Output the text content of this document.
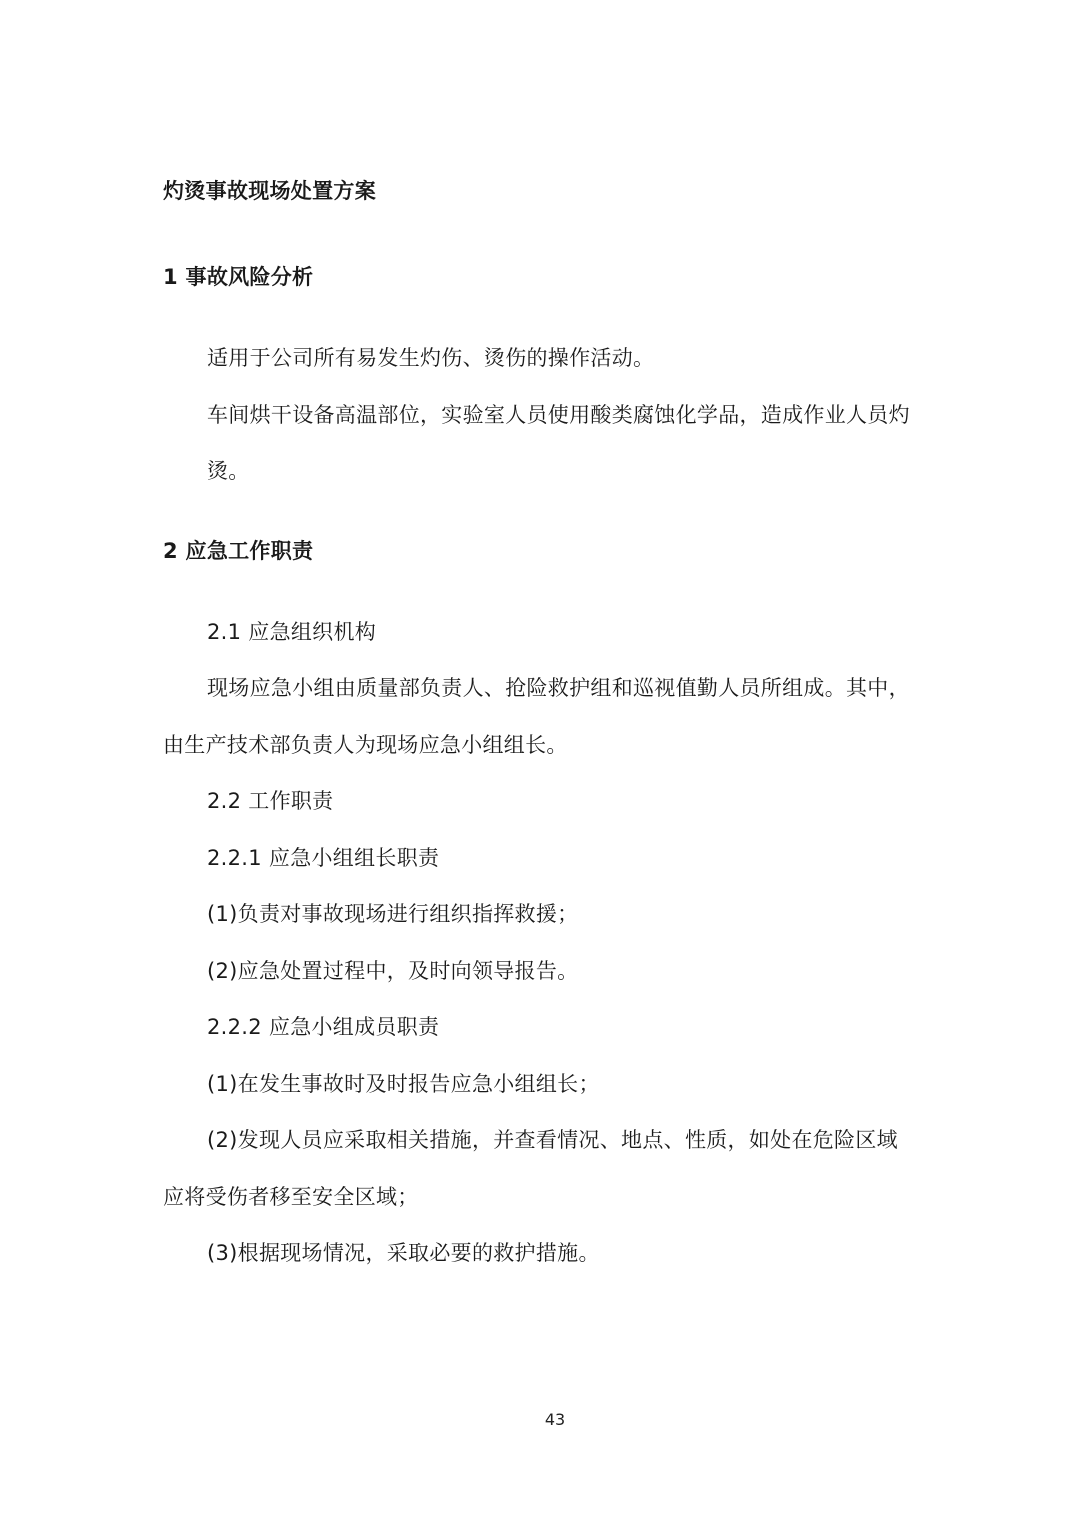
灼烫事故现场处置方案
1 事故风险分析
适用于公司所有易发生灼伤、烫伤的操作活动。
车间烘干设备高温部位，实验室人员使用酸类腐蚀化学品，造成作业人员灼
烫。
2 应急工作职责
2.1 应急组织机构
现场应急小组由质量部负责人、抢险救护组和巡视值勤人员所组成。其中，
由生产技术部负责人为现场应急小组组长。
2.2 工作职责
2.2.1 应急小组组长职责
(1)负责对事故现场进行组织指挥救援；
(2)应急处置过程中，及时向领导报告。
2.2.2 应急小组成员职责
(1)在发生事故时及时报告应急小组组长；
(2)发现人员应采取相关措施，并查看情况、地点、性质，如处在危险区域
应将受伤者移至安全区域；
(3)根据现场情况，采取必要的救护措施。
43
